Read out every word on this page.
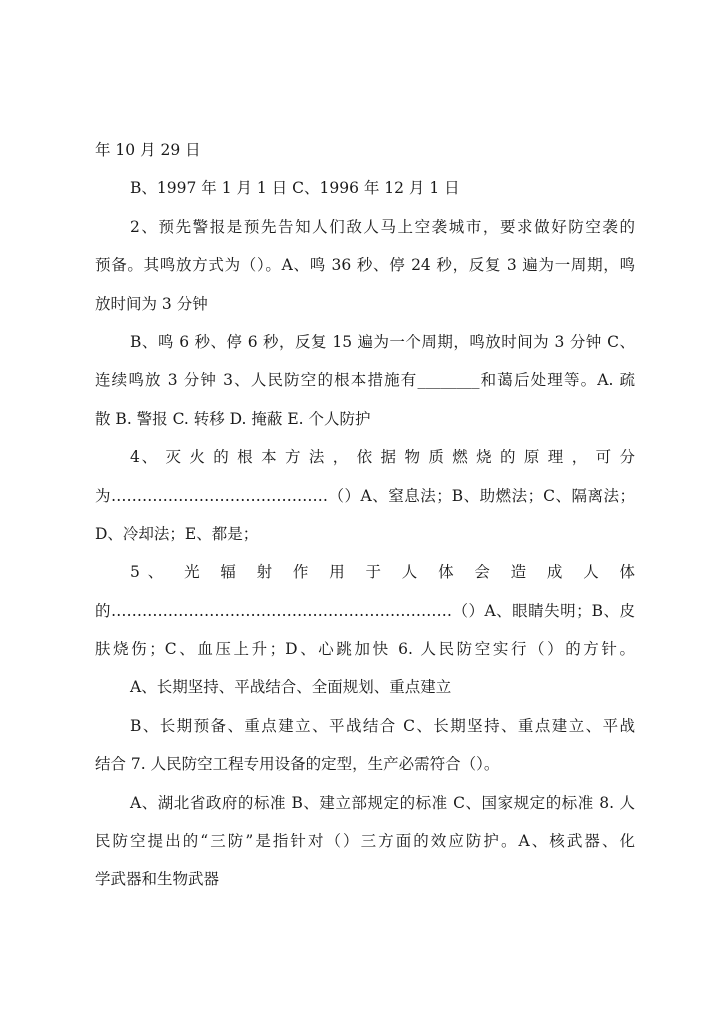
年 10 月 29 日
B、1997 年 1 月 1 日 C、1996 年 12 月 1 日
2、预先警报是预先告知人们敌人马上空袭城市，要求做好防空袭的
预备。其鸣放方式为（）。A、鸣 36 秒、停 24 秒，反复 3 遍为一周期，鸣
放时间为 3 分钟
B、鸣 6 秒、停 6 秒，反复 15 遍为一个周期，鸣放时间为 3 分钟 C、
连续鸣放 3 分钟 3、人民防空的根本措施有________和蔼后处理等。A. 疏
散 B. 警报 C. 转移 D. 掩蔽 E. 个人防护
4、 灭 火 的 根 本 方 法 ， 依 据 物 质 燃 烧 的 原 理 ， 可 分
为……………………………………（）A、窒息法；B、助燃法；C、隔离法；
D、冷却法；E、都是；
5、 光 辐 射 作 用 于 人 体 会 造 成 人 体
的…………………………………………………………（）A、眼睛失明；B、皮
肤烧伤；C、血压上升；D、心跳加快 6. 人民防空实行（）的方针。
A、长期坚持、平战结合、全面规划、重点建立
B、长期预备、重点建立、平战结合 C、长期坚持、重点建立、平战
结合 7. 人民防空工程专用设备的定型，生产必需符合（）。
A、湖北省政府的标准 B、建立部规定的标准 C、国家规定的标准 8. 人
民防空提出的“三防”是指针对（）三方面的效应防护。A、核武器、化
学武器和生物武器
